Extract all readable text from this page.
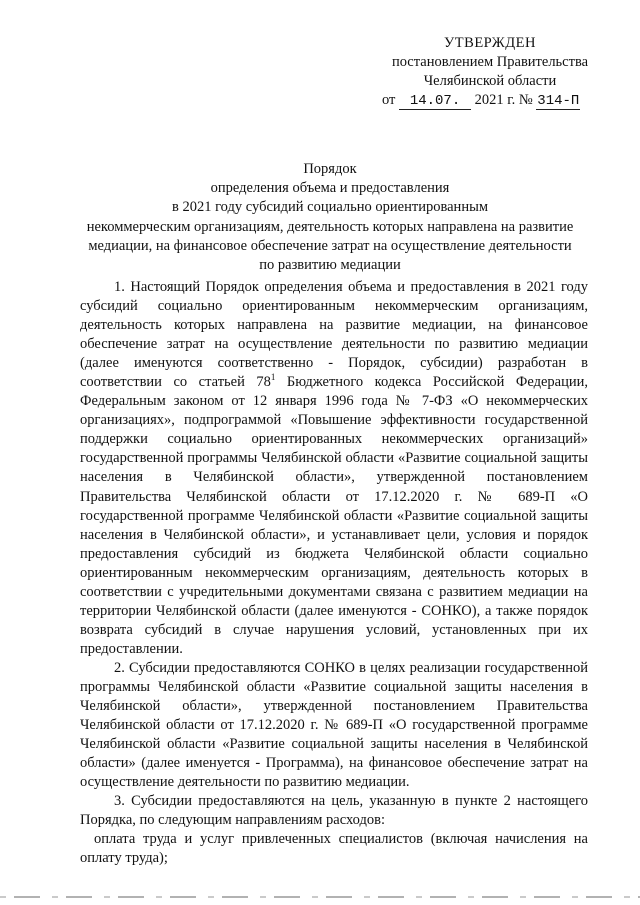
УТВЕРЖДЕН
постановлением Правительства
Челябинской области
от 14.07. 2021 г. № 314-П
Порядок
определения объема и предоставления
в 2021 году субсидий социально ориентированным
некоммерческим организациям, деятельность которых направлена на развитие
медиации, на финансовое обеспечение затрат на осуществление деятельности
по развитию медиации

1. Настоящий Порядок определения объема и предоставления в 2021 году субсидий социально ориентированным некоммерческим организациям, деятельность которых направлена на развитие медиации, на финансовое обеспечение затрат на осуществление деятельности по развитию медиации (далее именуются соответственно - Порядок, субсидии) разработан в соответствии со статьей $78^1$ Бюджетного кодекса Российской Федерации, Федеральным законом от 12 января 1996 года № 7-ФЗ «О некоммерческих организациях», подпрограммой «Повышение эффективности государственной поддержки социально ориентированных некоммерческих организаций» государственной программы Челябинской области «Развитие социальной защиты населения в Челябинской области», утвержденной постановлением Правительства Челябинской области от 17.12.2020 г. № 689-П «О государственной программе Челябинской области «Развитие социальной защиты населения в Челябинской области», и устанавливает цели, условия и порядок предоставления субсидий из бюджета Челябинской области социально ориентированным некоммерческим организациям, деятельность которых в соответствии с учредительными документами связана с развитием медиации на территории Челябинской области (далее именуются - СОНКО), а также порядок возврата субсидий в случае нарушения условий, установленных при их предоставлении.

2. Субсидии предоставляются СОНКО в целях реализации государственной программы Челябинской области «Развитие социальной защиты населения в Челябинской области», утвержденной постановлением Правительства Челябинской области от 17.12.2020 г. № 689-П «О государственной программе Челябинской области «Развитие социальной защиты населения в Челябинской области» (далее именуется - Программа), на финансовое обеспечение затрат на осуществление деятельности по развитию медиации.

3. Субсидии предоставляются на цель, указанную в пункте 2 настоящего Порядка, по следующим направлениям расходов:

оплата труда и услуг привлеченных специалистов (включая начисления на оплату труда);
